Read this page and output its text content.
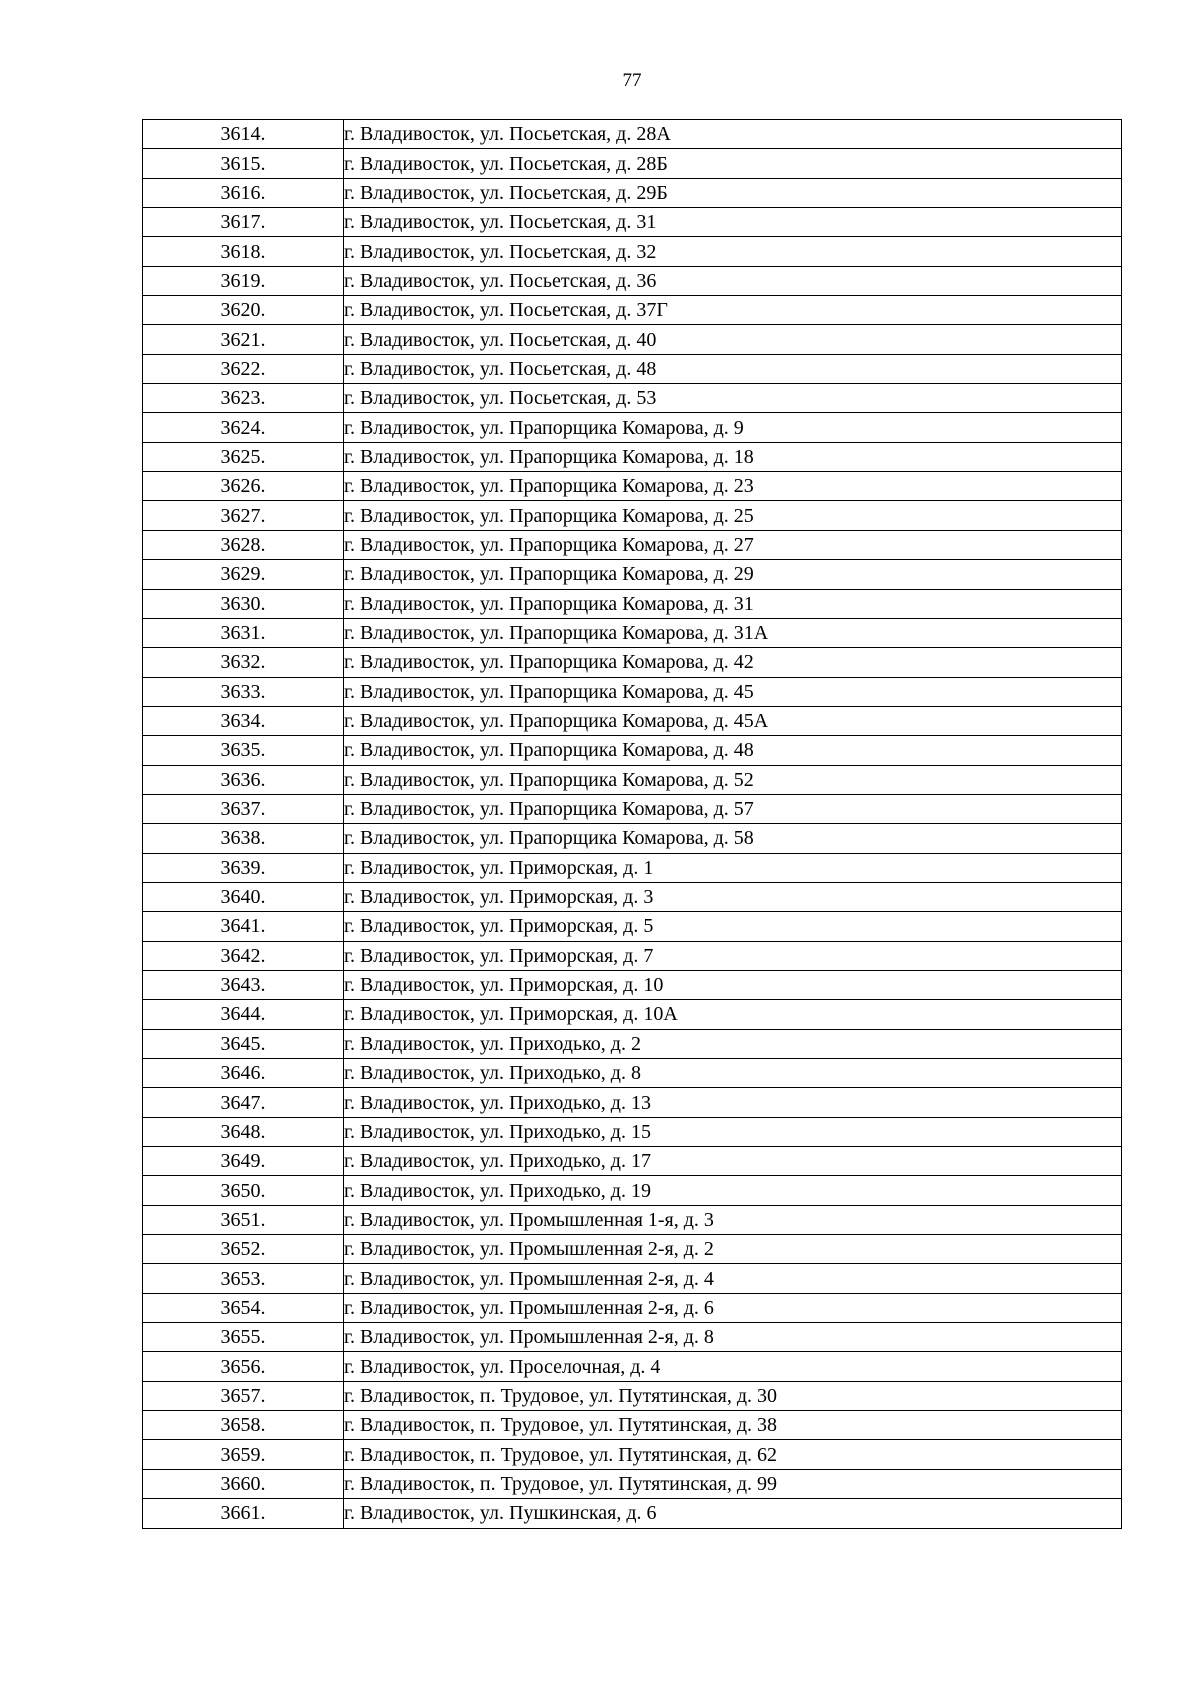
77
3614.	г. Владивосток, ул. Посьетская, д. 28А
3615.	г. Владивосток, ул. Посьетская, д. 28Б
3616.	г. Владивосток, ул. Посьетская, д. 29Б
3617.	г. Владивосток, ул. Посьетская, д. 31
3618.	г. Владивосток, ул. Посьетская, д. 32
3619.	г. Владивосток, ул. Посьетская, д. 36
3620.	г. Владивосток, ул. Посьетская, д. 37Г
3621.	г. Владивосток, ул. Посьетская, д. 40
3622.	г. Владивосток, ул. Посьетская, д. 48
3623.	г. Владивосток, ул. Посьетская, д. 53
3624.	г. Владивосток, ул. Прапорщика Комарова, д. 9
3625.	г. Владивосток, ул. Прапорщика Комарова, д. 18
3626.	г. Владивосток, ул. Прапорщика Комарова, д. 23
3627.	г. Владивосток, ул. Прапорщика Комарова, д. 25
3628.	г. Владивосток, ул. Прапорщика Комарова, д. 27
3629.	г. Владивосток, ул. Прапорщика Комарова, д. 29
3630.	г. Владивосток, ул. Прапорщика Комарова, д. 31
3631.	г. Владивосток, ул. Прапорщика Комарова, д. 31А
3632.	г. Владивосток, ул. Прапорщика Комарова, д. 42
3633.	г. Владивосток, ул. Прапорщика Комарова, д. 45
3634.	г. Владивосток, ул. Прапорщика Комарова, д. 45А
3635.	г. Владивосток, ул. Прапорщика Комарова, д. 48
3636.	г. Владивосток, ул. Прапорщика Комарова, д. 52
3637.	г. Владивосток, ул. Прапорщика Комарова, д. 57
3638.	г. Владивосток, ул. Прапорщика Комарова, д. 58
3639.	г. Владивосток, ул. Приморская, д. 1
3640.	г. Владивосток, ул. Приморская, д. 3
3641.	г. Владивосток, ул. Приморская, д. 5
3642.	г. Владивосток, ул. Приморская, д. 7
3643.	г. Владивосток, ул. Приморская, д. 10
3644.	г. Владивосток, ул. Приморская, д. 10А
3645.	г. Владивосток, ул. Приходько, д. 2
3646.	г. Владивосток, ул. Приходько, д. 8
3647.	г. Владивосток, ул. Приходько, д. 13
3648.	г. Владивосток, ул. Приходько, д. 15
3649.	г. Владивосток, ул. Приходько, д. 17
3650.	г. Владивосток, ул. Приходько, д. 19
3651.	г. Владивосток, ул. Промышленная 1-я, д. 3
3652.	г. Владивосток, ул. Промышленная 2-я, д. 2
3653.	г. Владивосток, ул. Промышленная 2-я, д. 4
3654.	г. Владивосток, ул. Промышленная 2-я, д. 6
3655.	г. Владивосток, ул. Промышленная 2-я, д. 8
3656.	г. Владивосток, ул. Проселочная, д. 4
3657.	г. Владивосток, п. Трудовое, ул. Путятинская, д. 30
3658.	г. Владивосток, п. Трудовое, ул. Путятинская, д. 38
3659.	г. Владивосток, п. Трудовое, ул. Путятинская, д. 62
3660.	г. Владивосток, п. Трудовое, ул. Путятинская, д. 99
3661.	г. Владивосток, ул. Пушкинская, д. 6
